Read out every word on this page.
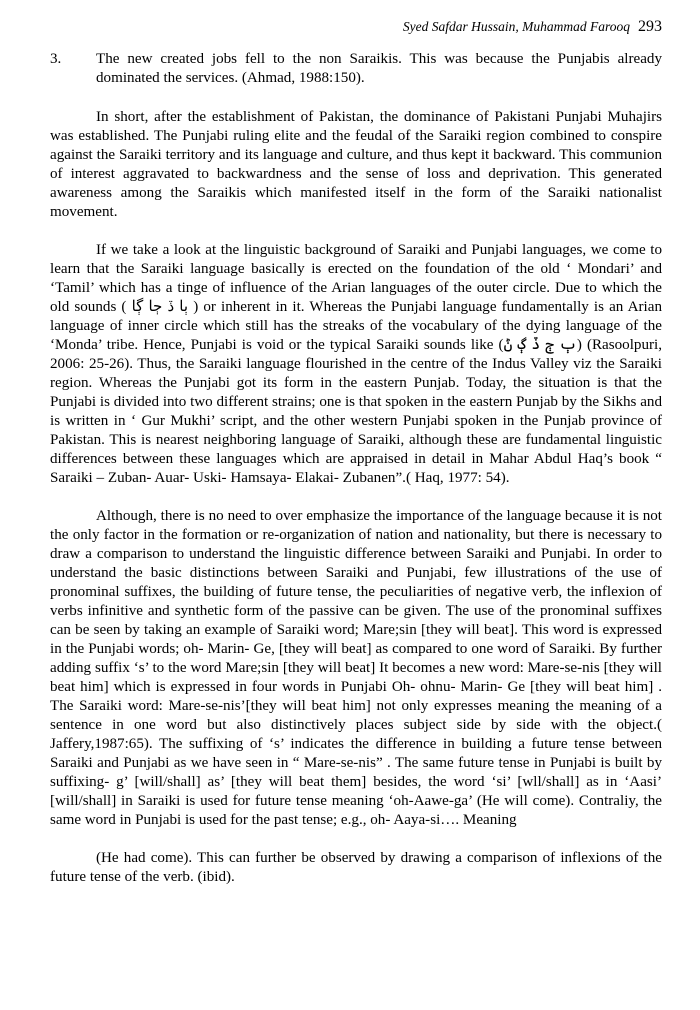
Syed Safdar Hussain, Muhammad Farooq 293
3.	The new created jobs fell to the non Saraikis. This was because the Punjabis already dominated the services. (Ahmad, 1988:150).

In short, after the establishment of Pakistan, the dominance of Pakistani Punjabi Muhajirs was established. The Punjabi ruling elite and the feudal of the Saraiki region combined to conspire against the Saraiki territory and its language and culture, and thus kept it backward. This communion of interest aggravated to backwardness and the sense of loss and deprivation. This generated awareness among the Saraikis which manifested itself in the form of the Saraiki nationalist movement.

If we take a look at the linguistic background of Saraiki and Punjabi languages, we come to learn that the Saraiki language basically is erected on the foundation of the old ‘ Mondari’ and ‘Tamil’ which has a tinge of influence of the Arian languages of the outer circle. Due to which the old sounds ( ٻا ڏ ڄا ڳا ) or inherent in it. Whereas the Punjabi language fundamentally is an Arian language of inner circle which still has the streaks of the vocabulary of the dying language of the ‘Monda’ tribe. Hence, Punjabi is void or the typical Saraiki sounds like (ٻ ڄ ڏ ڳ ݨ) (Rasoolpuri, 2006: 25-26). Thus, the Saraiki language flourished in the centre of the Indus Valley viz the Saraiki region. Whereas the Punjabi got its form in the eastern Punjab. Today, the situation is that the Punjabi is divided into two different strains; one is that spoken in the eastern Punjab by the Sikhs and is written in ‘ Gur Mukhi’ script, and the other western Punjabi spoken in the Punjab province of Pakistan. This is nearest neighboring language of Saraiki, although these are fundamental linguistic differences between these languages which are appraised in detail in Mahar Abdul Haq’s book “ Saraiki – Zuban- Auar- Uski- Hamsaya- Elakai- Zubanen”.( Haq, 1977: 54).

Although, there is no need to over emphasize the importance of the language because it is not the only factor in the formation or re-organization of nation and nationality, but there is necessary to draw a comparison to understand the linguistic difference between Saraiki and Punjabi. In order to understand the basic distinctions between Saraiki and Punjabi, few illustrations of the use of pronominal suffixes, the building of future tense, the peculiarities of negative verb, the inflexion of verbs infinitive and synthetic form of the passive can be given. The use of the pronominal suffixes can be seen by taking an example of Saraiki word; Mare;sin [they will beat]. This word is expressed in the Punjabi words; oh- Marin- Ge, [they will beat] as compared to one word of Saraiki. By further adding suffix ‘s’ to the word Mare;sin [they will beat] It becomes a new word: Mare-se-nis [they will beat him] which is expressed in four words in Punjabi Oh- ohnu- Marin- Ge [they will beat him] . The Saraiki word: Mare-se-nis’[they will beat him] not only expresses meaning the meaning of a sentence in one word but also distinctively places subject side by side with the object.( Jaffery,1987:65). The suffixing of ‘s’ indicates the difference in building a future tense between Saraiki and Punjabi as we have seen in “ Mare-se-nis” . The same future tense in Punjabi is built by suffixing- g’ [will/shall] as’ [they will beat them] besides, the word ‘si’ [wll/shall] as in ‘Aasi’ [will/shall] in Saraiki is used for future tense meaning ‘oh-Aawe-ga’ (He will come). Contraliy, the same word in Punjabi is used for the past tense; e.g., oh- Aaya-si…. Meaning

(He had come). This can further be observed by drawing a comparison of inflexions of the future tense of the verb. (ibid).
